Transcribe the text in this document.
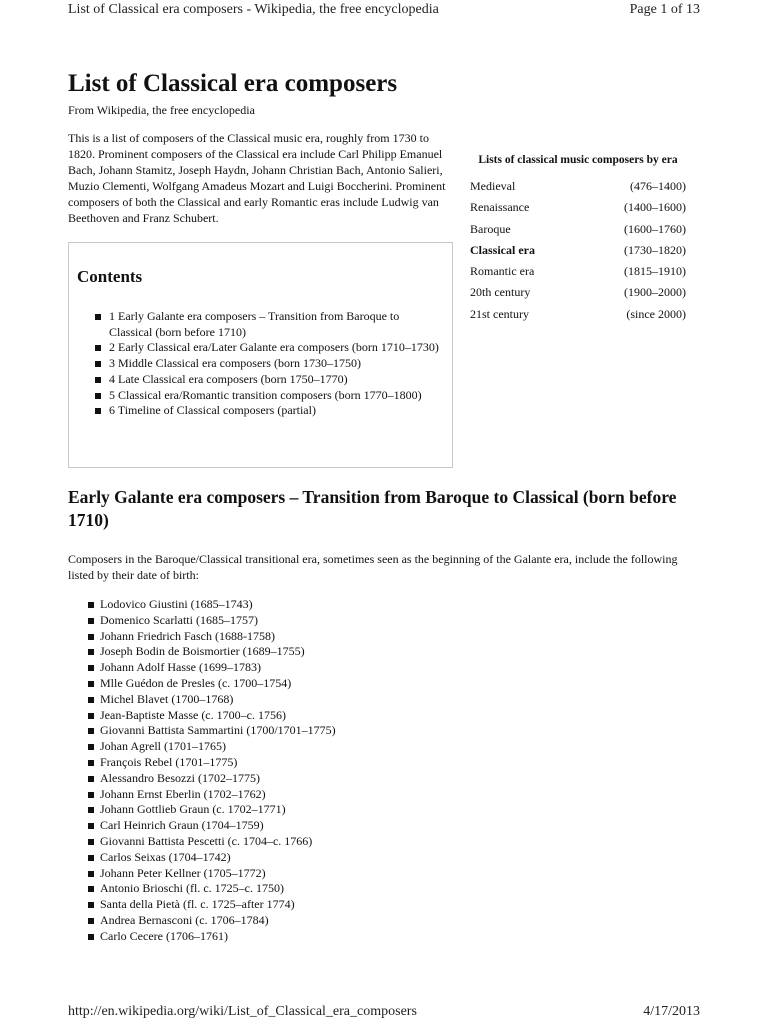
List of Classical era composers - Wikipedia, the free encyclopedia	Page 1 of 13
List of Classical era composers
From Wikipedia, the free encyclopedia
This is a list of composers of the Classical music era, roughly from 1730 to 1820. Prominent composers of the Classical era include Carl Philipp Emanuel Bach, Johann Stamitz, Joseph Haydn, Johann Christian Bach, Antonio Salieri, Muzio Clementi, Wolfgang Amadeus Mozart and Luigi Boccherini. Prominent composers of both the Classical and early Romantic eras include Ludwig van Beethoven and Franz Schubert.
Lists of classical music composers by era
Medieval	(476–1400)
Renaissance	(1400–1600)
Baroque	(1600–1760)
Classical era	(1730–1820)
Romantic era	(1815–1910)
20th century	(1900–2000)
21st century	(since 2000)
Contents
1 Early Galante era composers – Transition from Baroque to Classical (born before 1710)
2 Early Classical era/Later Galante era composers (born 1710–1730)
3 Middle Classical era composers (born 1730–1750)
4 Late Classical era composers (born 1750–1770)
5 Classical era/Romantic transition composers (born 1770–1800)
6 Timeline of Classical composers (partial)
Early Galante era composers – Transition from Baroque to Classical (born before 1710)
Composers in the Baroque/Classical transitional era, sometimes seen as the beginning of the Galante era, include the following listed by their date of birth:
Lodovico Giustini (1685–1743)
Domenico Scarlatti (1685–1757)
Johann Friedrich Fasch (1688-1758)
Joseph Bodin de Boismortier (1689–1755)
Johann Adolf Hasse (1699–1783)
Mlle Guédon de Presles (c. 1700–1754)
Michel Blavet (1700–1768)
Jean-Baptiste Masse (c. 1700–c. 1756)
Giovanni Battista Sammartini (1700/1701–1775)
Johan Agrell (1701–1765)
François Rebel (1701–1775)
Alessandro Besozzi (1702–1775)
Johann Ernst Eberlin (1702–1762)
Johann Gottlieb Graun (c. 1702–1771)
Carl Heinrich Graun (1704–1759)
Giovanni Battista Pescetti (c. 1704–c. 1766)
Carlos Seixas (1704–1742)
Johann Peter Kellner (1705–1772)
Antonio Brioschi (fl. c. 1725–c. 1750)
Santa della Pietà (fl. c. 1725–after 1774)
Andrea Bernasconi (c. 1706–1784)
Carlo Cecere (1706–1761)
http://en.wikipedia.org/wiki/List_of_Classical_era_composers	4/17/2013
